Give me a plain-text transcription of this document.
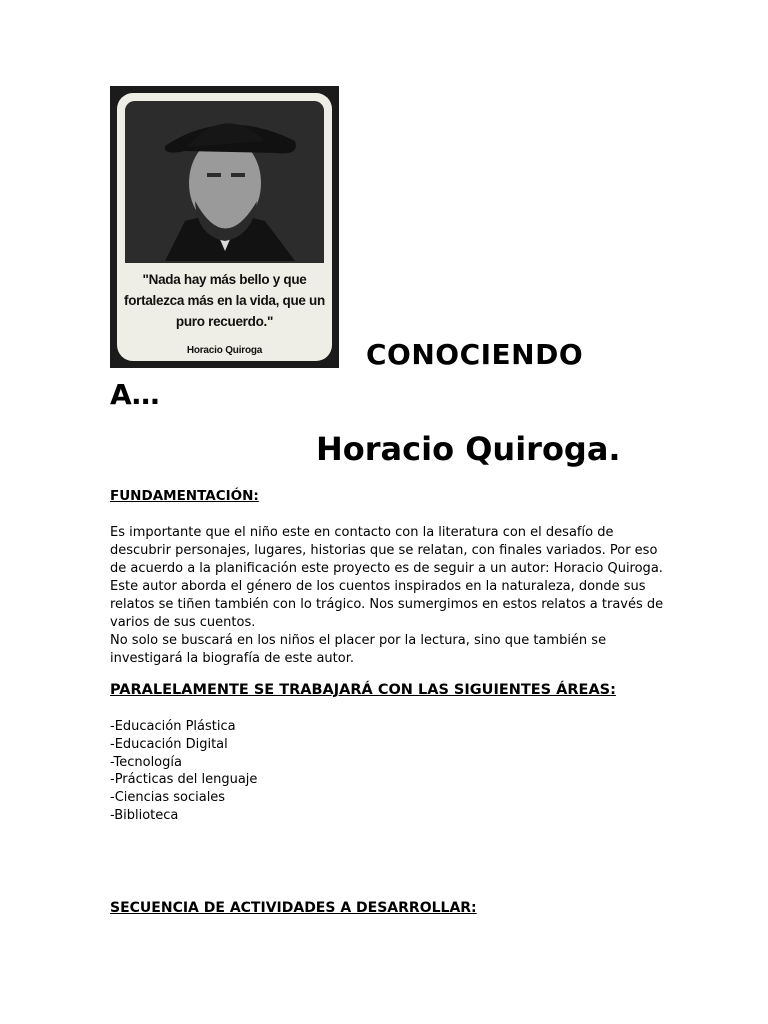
"Nada hay más bello y que fortalezca más en la vida, que un puro recuerdo."
Horacio Quiroga	CONOCIENDO
A…
Horacio Quiroga.
FUNDAMENTACIÓN:

Es importante que el niño este en contacto con la literatura con el desafío de descubrir personajes, lugares, historias que se relatan, con finales variados. Por eso de acuerdo a la planificación este proyecto es de seguir a un autor: Horacio Quiroga.

Este autor aborda el género de los cuentos inspirados en la naturaleza, donde sus relatos se tiñen también con lo trágico. Nos sumergimos en estos relatos a través de varios de sus cuentos.

No solo se buscará en los niños el placer por la lectura, sino que también se investigará la biografía de este autor.

PARALELAMENTE SE TRABAJARÁ CON LAS SIGUIENTES ÁREAS:
-Educación Plástica
-Educación Digital
-Tecnología
-Prácticas del lenguaje
-Ciencias sociales
-Biblioteca
SECUENCIA DE ACTIVIDADES A DESARROLLAR:
